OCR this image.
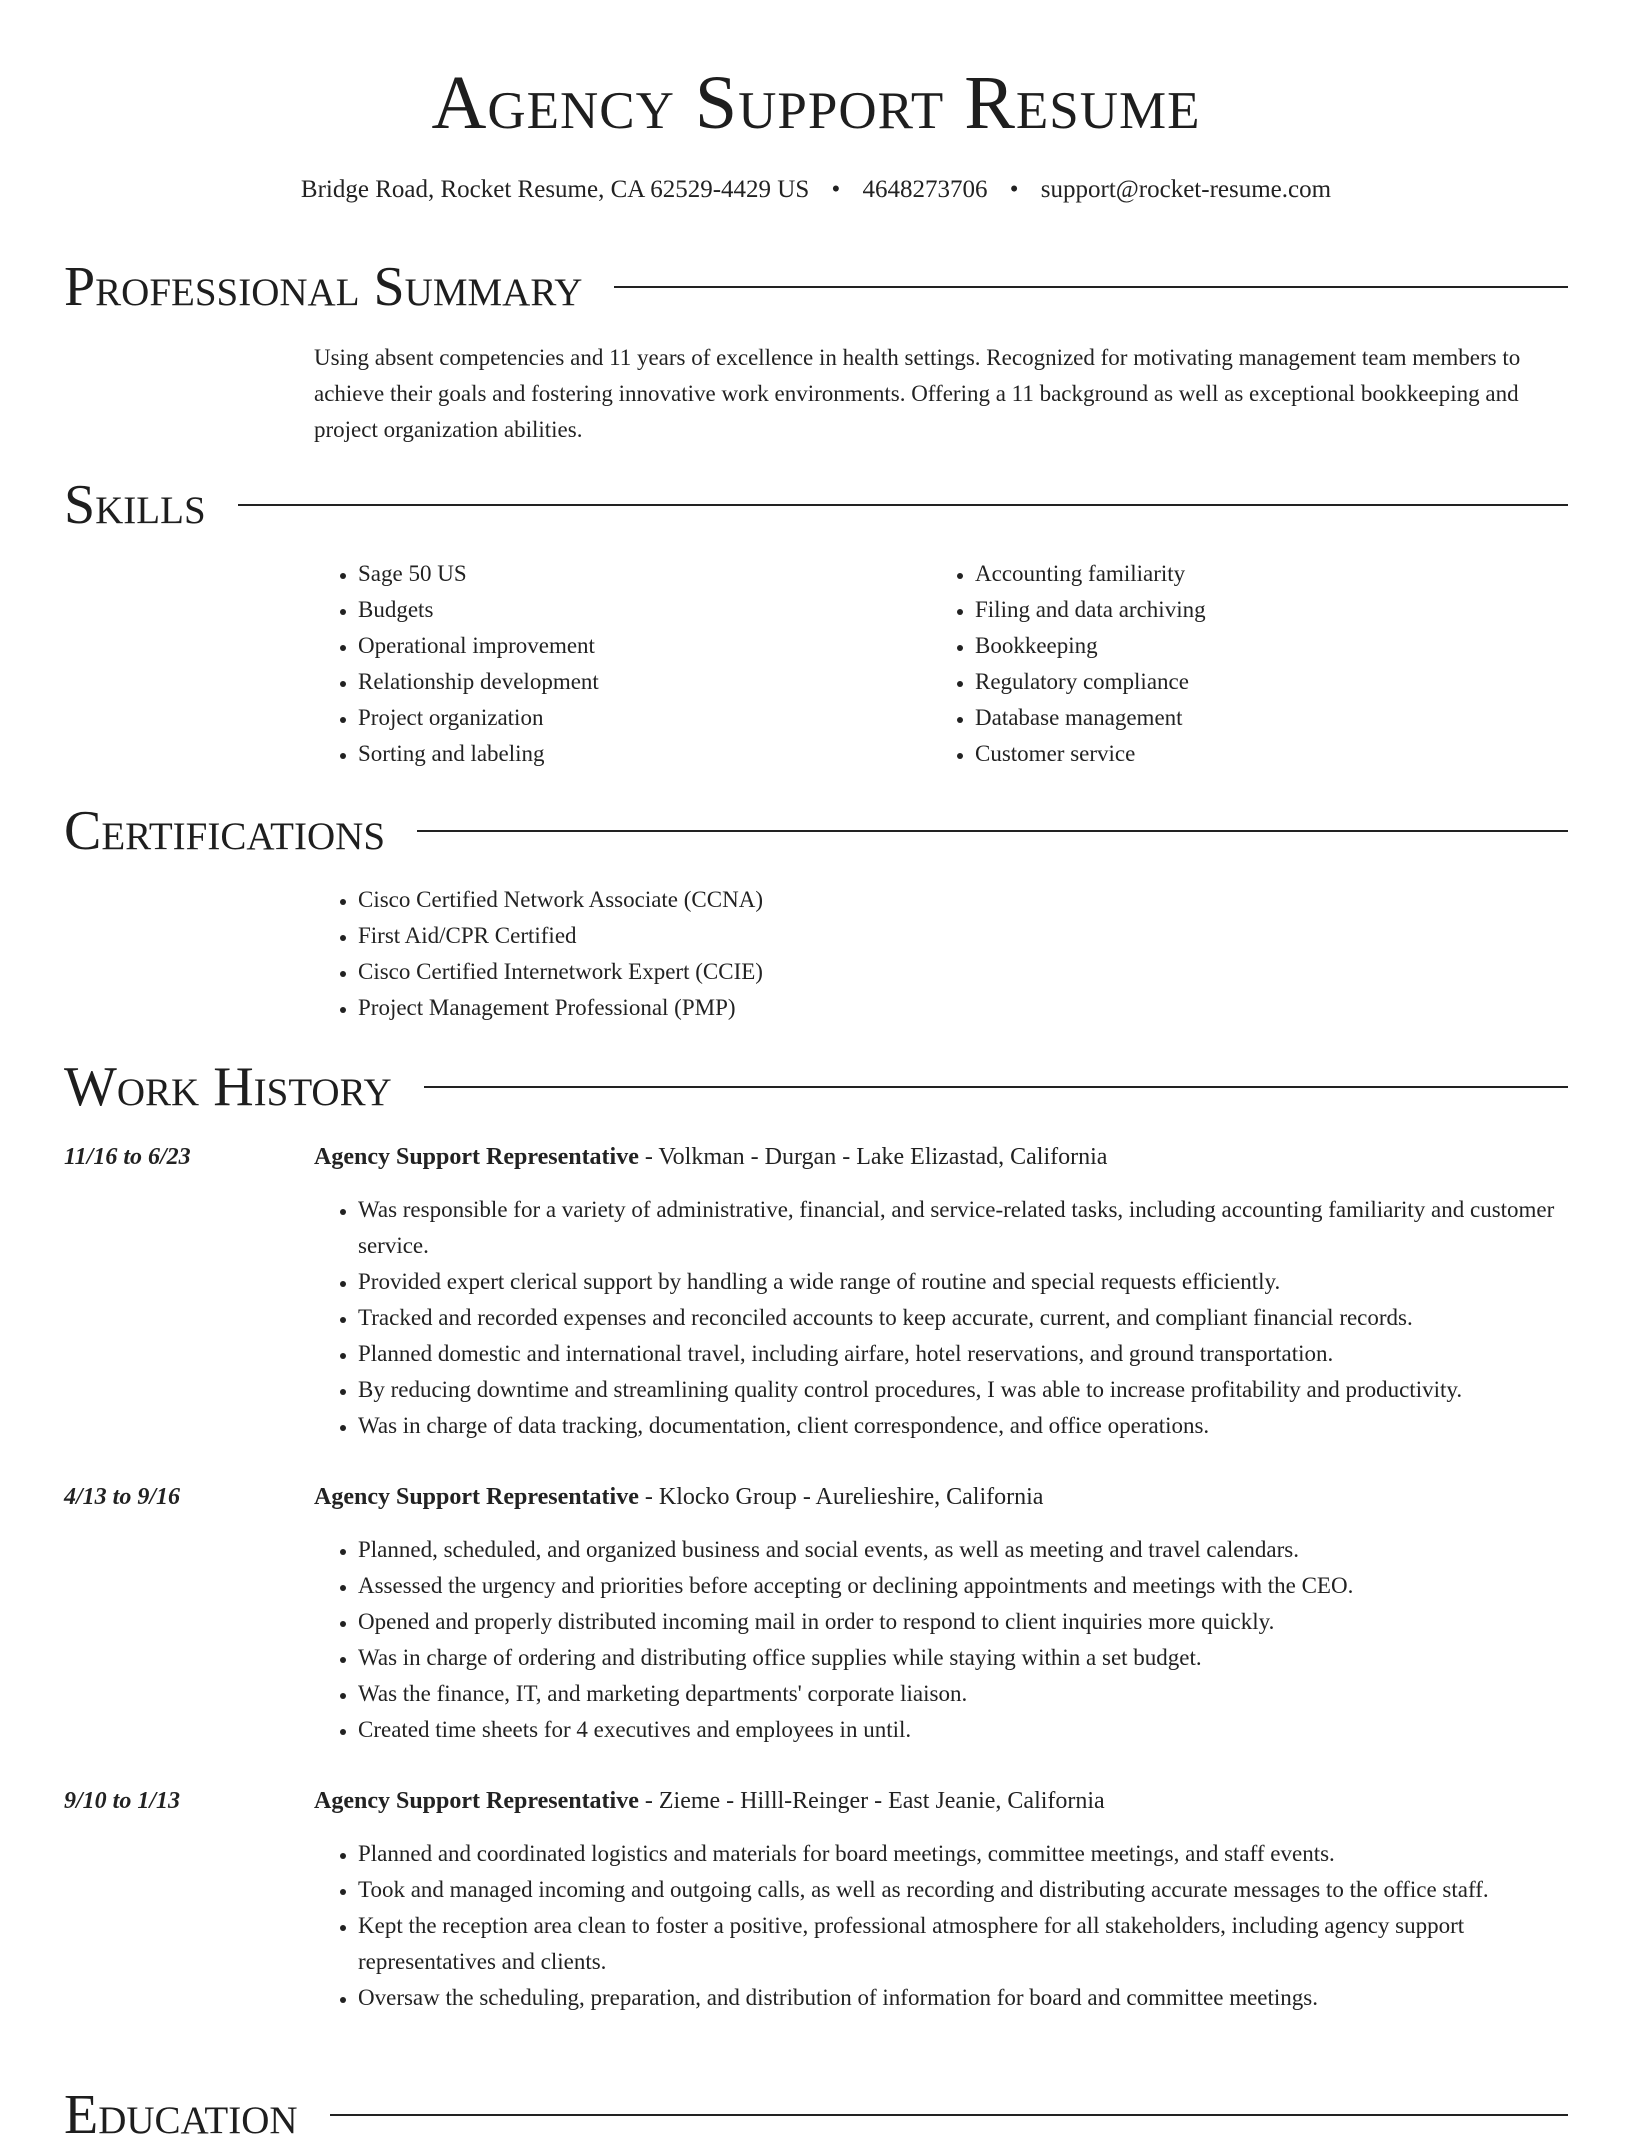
Agency Support Resume
Bridge Road, Rocket Resume, CA 62529-4429 US • 4648273706 • support@rocket-resume.com
Professional Summary
Using absent competencies and 11 years of excellence in health settings. Recognized for motivating management team members to achieve their goals and fostering innovative work environments. Offering a 11 background as well as exceptional bookkeeping and project organization abilities.
Skills
• Sage 50 US
• Budgets
• Operational improvement
• Relationship development
• Project organization
• Sorting and labeling
• Accounting familiarity
• Filing and data archiving
• Bookkeeping
• Regulatory compliance
• Database management
• Customer service
Certifications
• Cisco Certified Network Associate (CCNA)
• First Aid/CPR Certified
• Cisco Certified Internetwork Expert (CCIE)
• Project Management Professional (PMP)
Work History
11/16 to 6/23	Agency Support Representative - Volkman - Durgan - Lake Elizastad, California
• Was responsible for a variety of administrative, financial, and service-related tasks, including accounting familiarity and customer service.
• Provided expert clerical support by handling a wide range of routine and special requests efficiently.
• Tracked and recorded expenses and reconciled accounts to keep accurate, current, and compliant financial records.
• Planned domestic and international travel, including airfare, hotel reservations, and ground transportation.
• By reducing downtime and streamlining quality control procedures, I was able to increase profitability and productivity.
• Was in charge of data tracking, documentation, client correspondence, and office operations.
4/13 to 9/16	Agency Support Representative - Klocko Group - Aurelieshire, California
• Planned, scheduled, and organized business and social events, as well as meeting and travel calendars.
• Assessed the urgency and priorities before accepting or declining appointments and meetings with the CEO.
• Opened and properly distributed incoming mail in order to respond to client inquiries more quickly.
• Was in charge of ordering and distributing office supplies while staying within a set budget.
• Was the finance, IT, and marketing departments' corporate liaison.
• Created time sheets for 4 executives and employees in until.
9/10 to 1/13	Agency Support Representative - Zieme - Hilll-Reinger - East Jeanie, California
• Planned and coordinated logistics and materials for board meetings, committee meetings, and staff events.
• Took and managed incoming and outgoing calls, as well as recording and distributing accurate messages to the office staff.
• Kept the reception area clean to foster a positive, professional atmosphere for all stakeholders, including agency support representatives and clients.
• Oversaw the scheduling, preparation, and distribution of information for board and committee meetings.
Education
